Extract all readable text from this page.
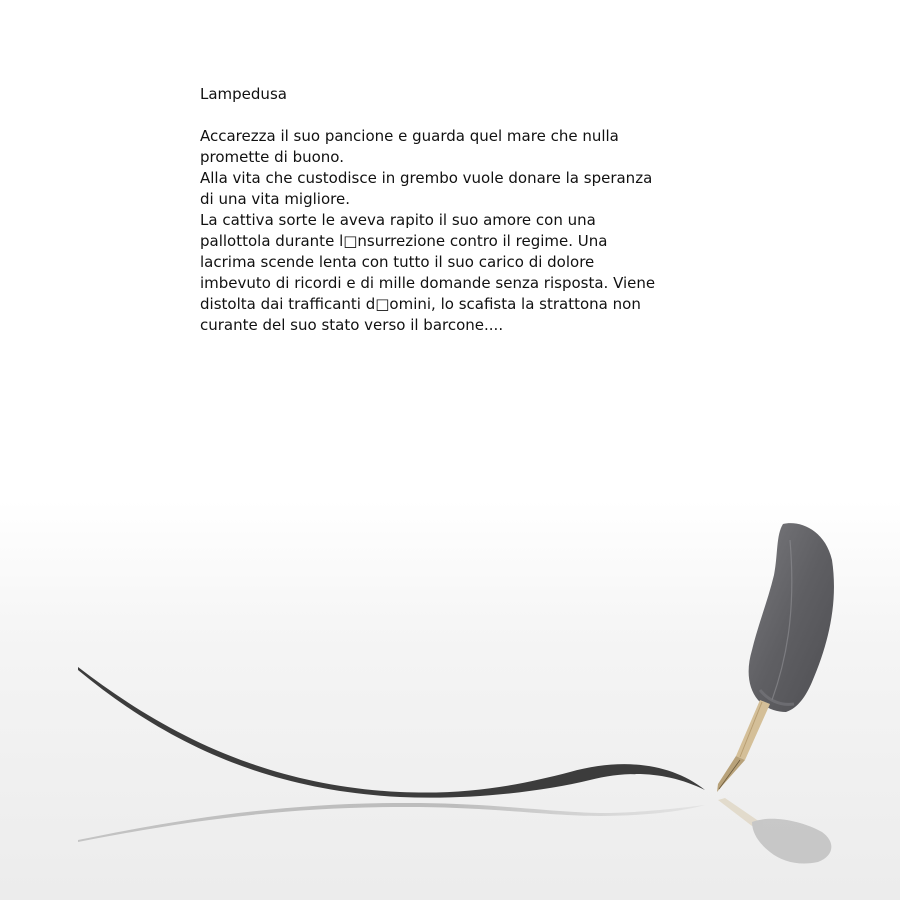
Lampedusa

Accarezza il suo pancione e guarda quel mare che nulla

promette di buono.

Alla vita che custodisce in grembo vuole donare la speranza

di una vita migliore.

La cattiva sorte le aveva rapito il suo amore con una

pallottola durante l□nsurrezione contro il regime. Una

lacrima scende lenta con tutto il suo carico di dolore

imbevuto di ricordi e di mille domande senza risposta. Viene

distolta dai trafficanti d□omini, lo scafista la strattona non

curante del suo stato verso il barcone....
